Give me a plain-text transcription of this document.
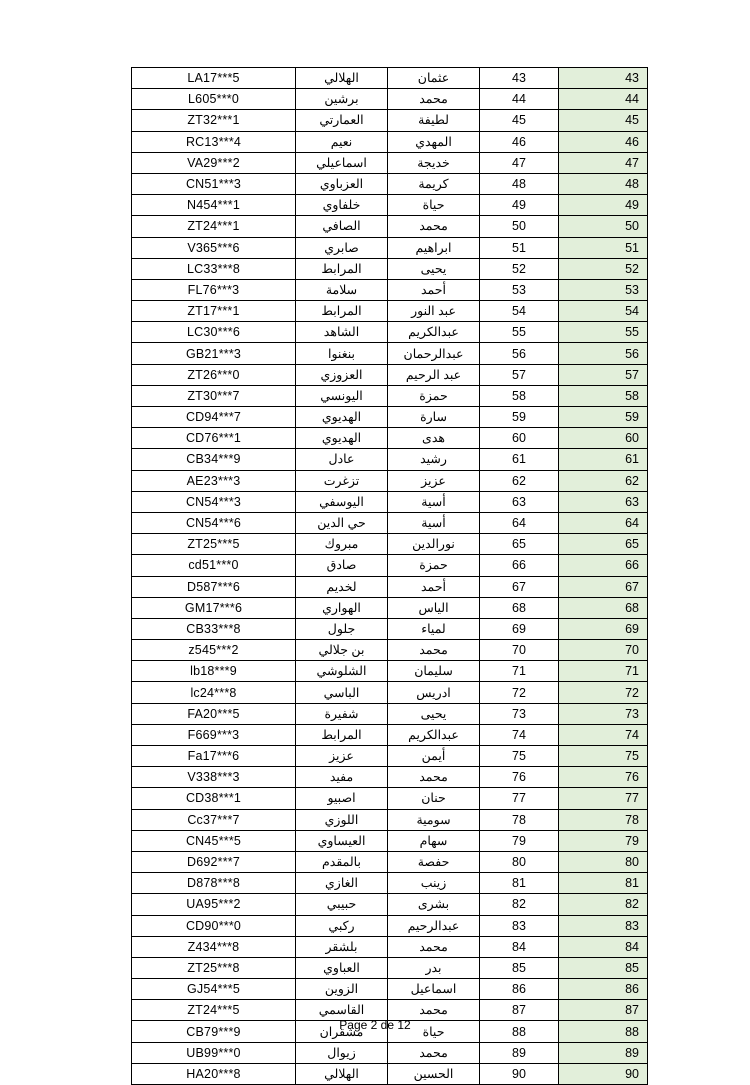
LA17***5	الهلالي	عثمان	43	43
L605***0	برشين	محمد	44	44
ZT32***1	العمارتي	لطيفة	45	45
RC13***4	نعيم	المهدي	46	46
VA29***2	اسماعيلي	خديجة	47	47
CN51***3	العزباوي	كريمة	48	48
N454***1	خلفاوي	حياة	49	49
ZT24***1	الصافي	محمد	50	50
V365***6	صابري	ابراهيم	51	51
LC33***8	المرابط	يحيى	52	52
FL76***3	سلامة	أحمد	53	53
ZT17***1	المرابط	عبد النور	54	54
LC30***6	الشاهد	عبدالكريم	55	55
GB21***3	بنغنوا	عبدالرحمان	56	56
ZT26***0	العزوزي	عبد الرحيم	57	57
ZT30***7	اليونسي	حمزة	58	58
CD94***7	الهديوي	سارة	59	59
CD76***1	الهديوي	هدى	60	60
CB34***9	عادل	رشيد	61	61
AE23***3	تزغرت	عزيز	62	62
CN54***3	اليوسفي	أسية	63	63
CN54***6	حي الدين	أسية	64	64
ZT25***5	مبروك	نورالدين	65	65
cd51***0	صادق	حمزة	66	66
D587***6	لخديم	أحمد	67	67
GM17***6	الهواري	الياس	68	68
CB33***8	جلول	لمياء	69	69
z545***2	بن جلالي	محمد	70	70
lb18***9	الشلوشي	سليمان	71	71
lc24***8	الباسي	ادريس	72	72
FA20***5	شفيرة	يحيى	73	73
F669***3	المرابط	عبدالكريم	74	74
Fa17***6	عزيز	أيمن	75	75
V338***3	مفيد	محمد	76	76
CD38***1	اصبيو	حنان	77	77
Cc37***7	اللوزي	سومية	78	78
CN45***5	العيساوي	سهام	79	79
D692***7	بالمقدم	حفصة	80	80
D878***8	الغازي	زينب	81	81
UA95***2	حبيبي	بشرى	82	82
CD90***0	ركبي	عبدالرحيم	83	83
Z434***8	بلشقر	محمد	84	84
ZT25***8	العباوي	بدر	85	85
GJ54***5	الزوين	اسماعيل	86	86
ZT24***5	القاسمي	محمد	87	87
CB79***9	مشقران	حياة	88	88
UB99***0	زيوال	محمد	89	89
HA20***8	الهلالي	الحسين	90	90
Page 2 de 12
